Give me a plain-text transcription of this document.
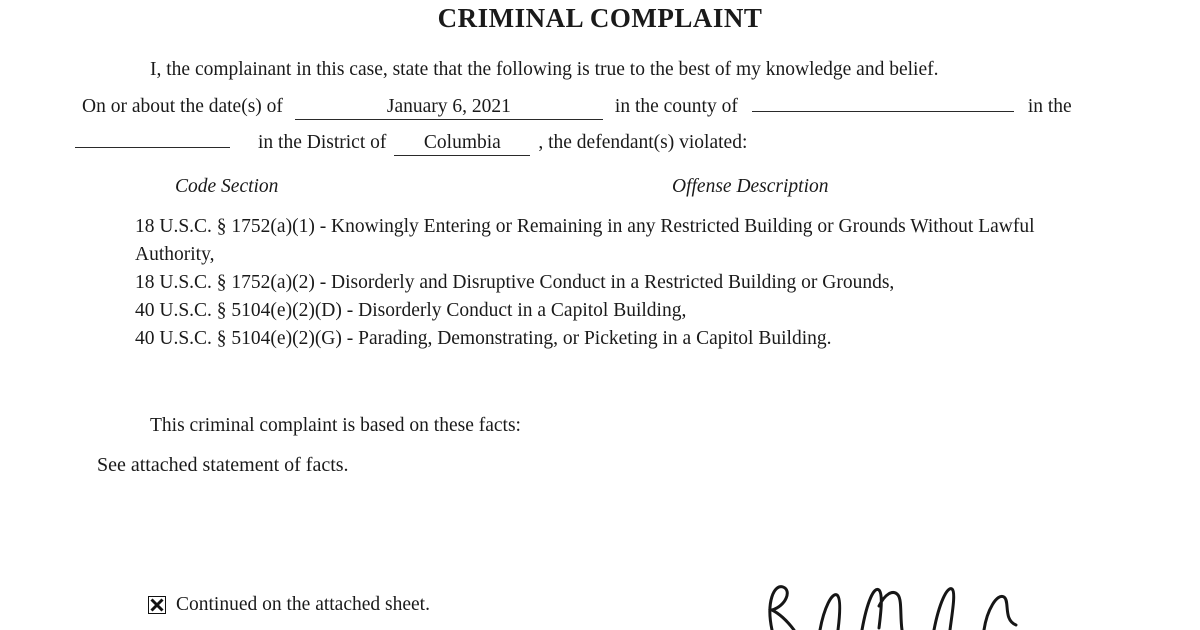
CRIMINAL COMPLAINT
I, the complainant in this case, state that the following is true to the best of my knowledge and belief.
On or about the date(s) of	January 6, 2021	in the county of	in the
in the District of	Columbia	, the defendant(s) violated:
Code Section	Offense Description
18 U.S.C. § 1752(a)(1) - Knowingly Entering or Remaining in any Restricted Building or Grounds Without Lawful Authority,
18 U.S.C. § 1752(a)(2) - Disorderly and Disruptive Conduct in a Restricted Building or Grounds,
40 U.S.C. § 5104(e)(2)(D) - Disorderly Conduct in a Capitol Building,
40 U.S.C. § 5104(e)(2)(G) - Parading, Demonstrating, or Picketing in a Capitol Building.
This criminal complaint is based on these facts:
See attached statement of facts.
Continued on the attached sheet.
